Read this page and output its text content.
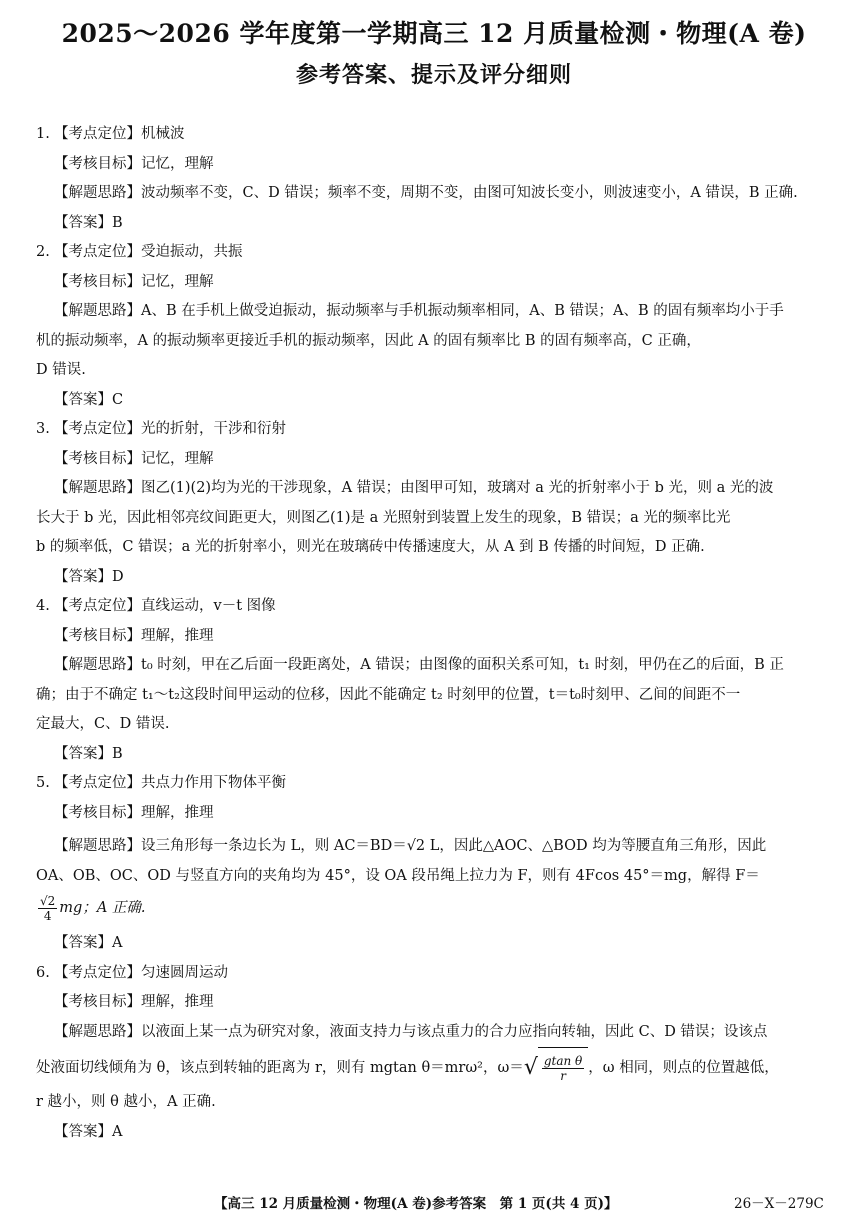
2025～2026 学年度第一学期高三 12 月质量检测・物理(A 卷)
参考答案、提示及评分细则

1. 【考点定位】机械波

【考核目标】记忆，理解

【解题思路】波动频率不变，C、D 错误；频率不变，周期不变，由图可知波长变小，则波速变小，A 错误，B 正确.

【答案】B

2. 【考点定位】受迫振动，共振

【考核目标】记忆，理解

【解题思路】A、B 在手机上做受迫振动，振动频率与手机振动频率相同，A、B 错误；A、B 的固有频率均小于手

机的振动频率，A 的振动频率更接近手机的振动频率，因此 A 的固有频率比 B 的固有频率高，C 正确，

D 错误.

【答案】C

3. 【考点定位】光的折射，干涉和衍射

【考核目标】记忆，理解

【解题思路】图乙(1)(2)均为光的干涉现象，A 错误；由图甲可知，玻璃对 a 光的折射率小于 b 光，则 a 光的波

长大于 b 光，因此相邻亮纹间距更大，则图乙(1)是 a 光照射到装置上发生的现象，B 错误；a 光的频率比光

b 的频率低，C 错误；a 光的折射率小，则光在玻璃砖中传播速度大，从 A 到 B 传播的时间短，D 正确.

【答案】D

4. 【考点定位】直线运动，v－t 图像

【考核目标】理解，推理

【解题思路】t₀ 时刻，甲在乙后面一段距离处，A 错误；由图像的面积关系可知，t₁ 时刻，甲仍在乙的后面，B 正

确；由于不确定 t₁～t₂这段时间甲运动的位移，因此不能确定 t₂ 时刻甲的位置，t＝t₀时刻甲、乙间的间距不一

定最大，C、D 错误.

【答案】B

5. 【考点定位】共点力作用下物体平衡

【考核目标】理解，推理

【解题思路】设三角形每一条边长为 L，则 AC＝BD＝√2 L，因此△AOC、△BOD 均为等腰直角三角形，因此

OA、OB、OC、OD 与竖直方向的夹角均为 45°，设 OA 段吊绳上拉力为 F，则有 4Fcos 45°＝mg，解得 F＝

$\frac{√2}{4}$ mg；A 正确.

【答案】A

6. 【考点定位】匀速圆周运动

【考核目标】理解，推理

【解题思路】以液面上某一点为研究对象，液面支持力与该点重力的合力应指向转轴，因此 C、D 错误；设该点

处液面切线倾角为 θ，该点到转轴的距离为 r，则有 mgtan θ＝mrω²，$\omega=√ \frac{\text{gtan θ}}{r}$ ，ω 相同，则点的位置越低，

r 越小，则 θ 越小，A 正确.

【答案】A

【高三 12 月质量检测・物理(A 卷)参考答案　第 1 页(共 4 页)】	26－X－279C
